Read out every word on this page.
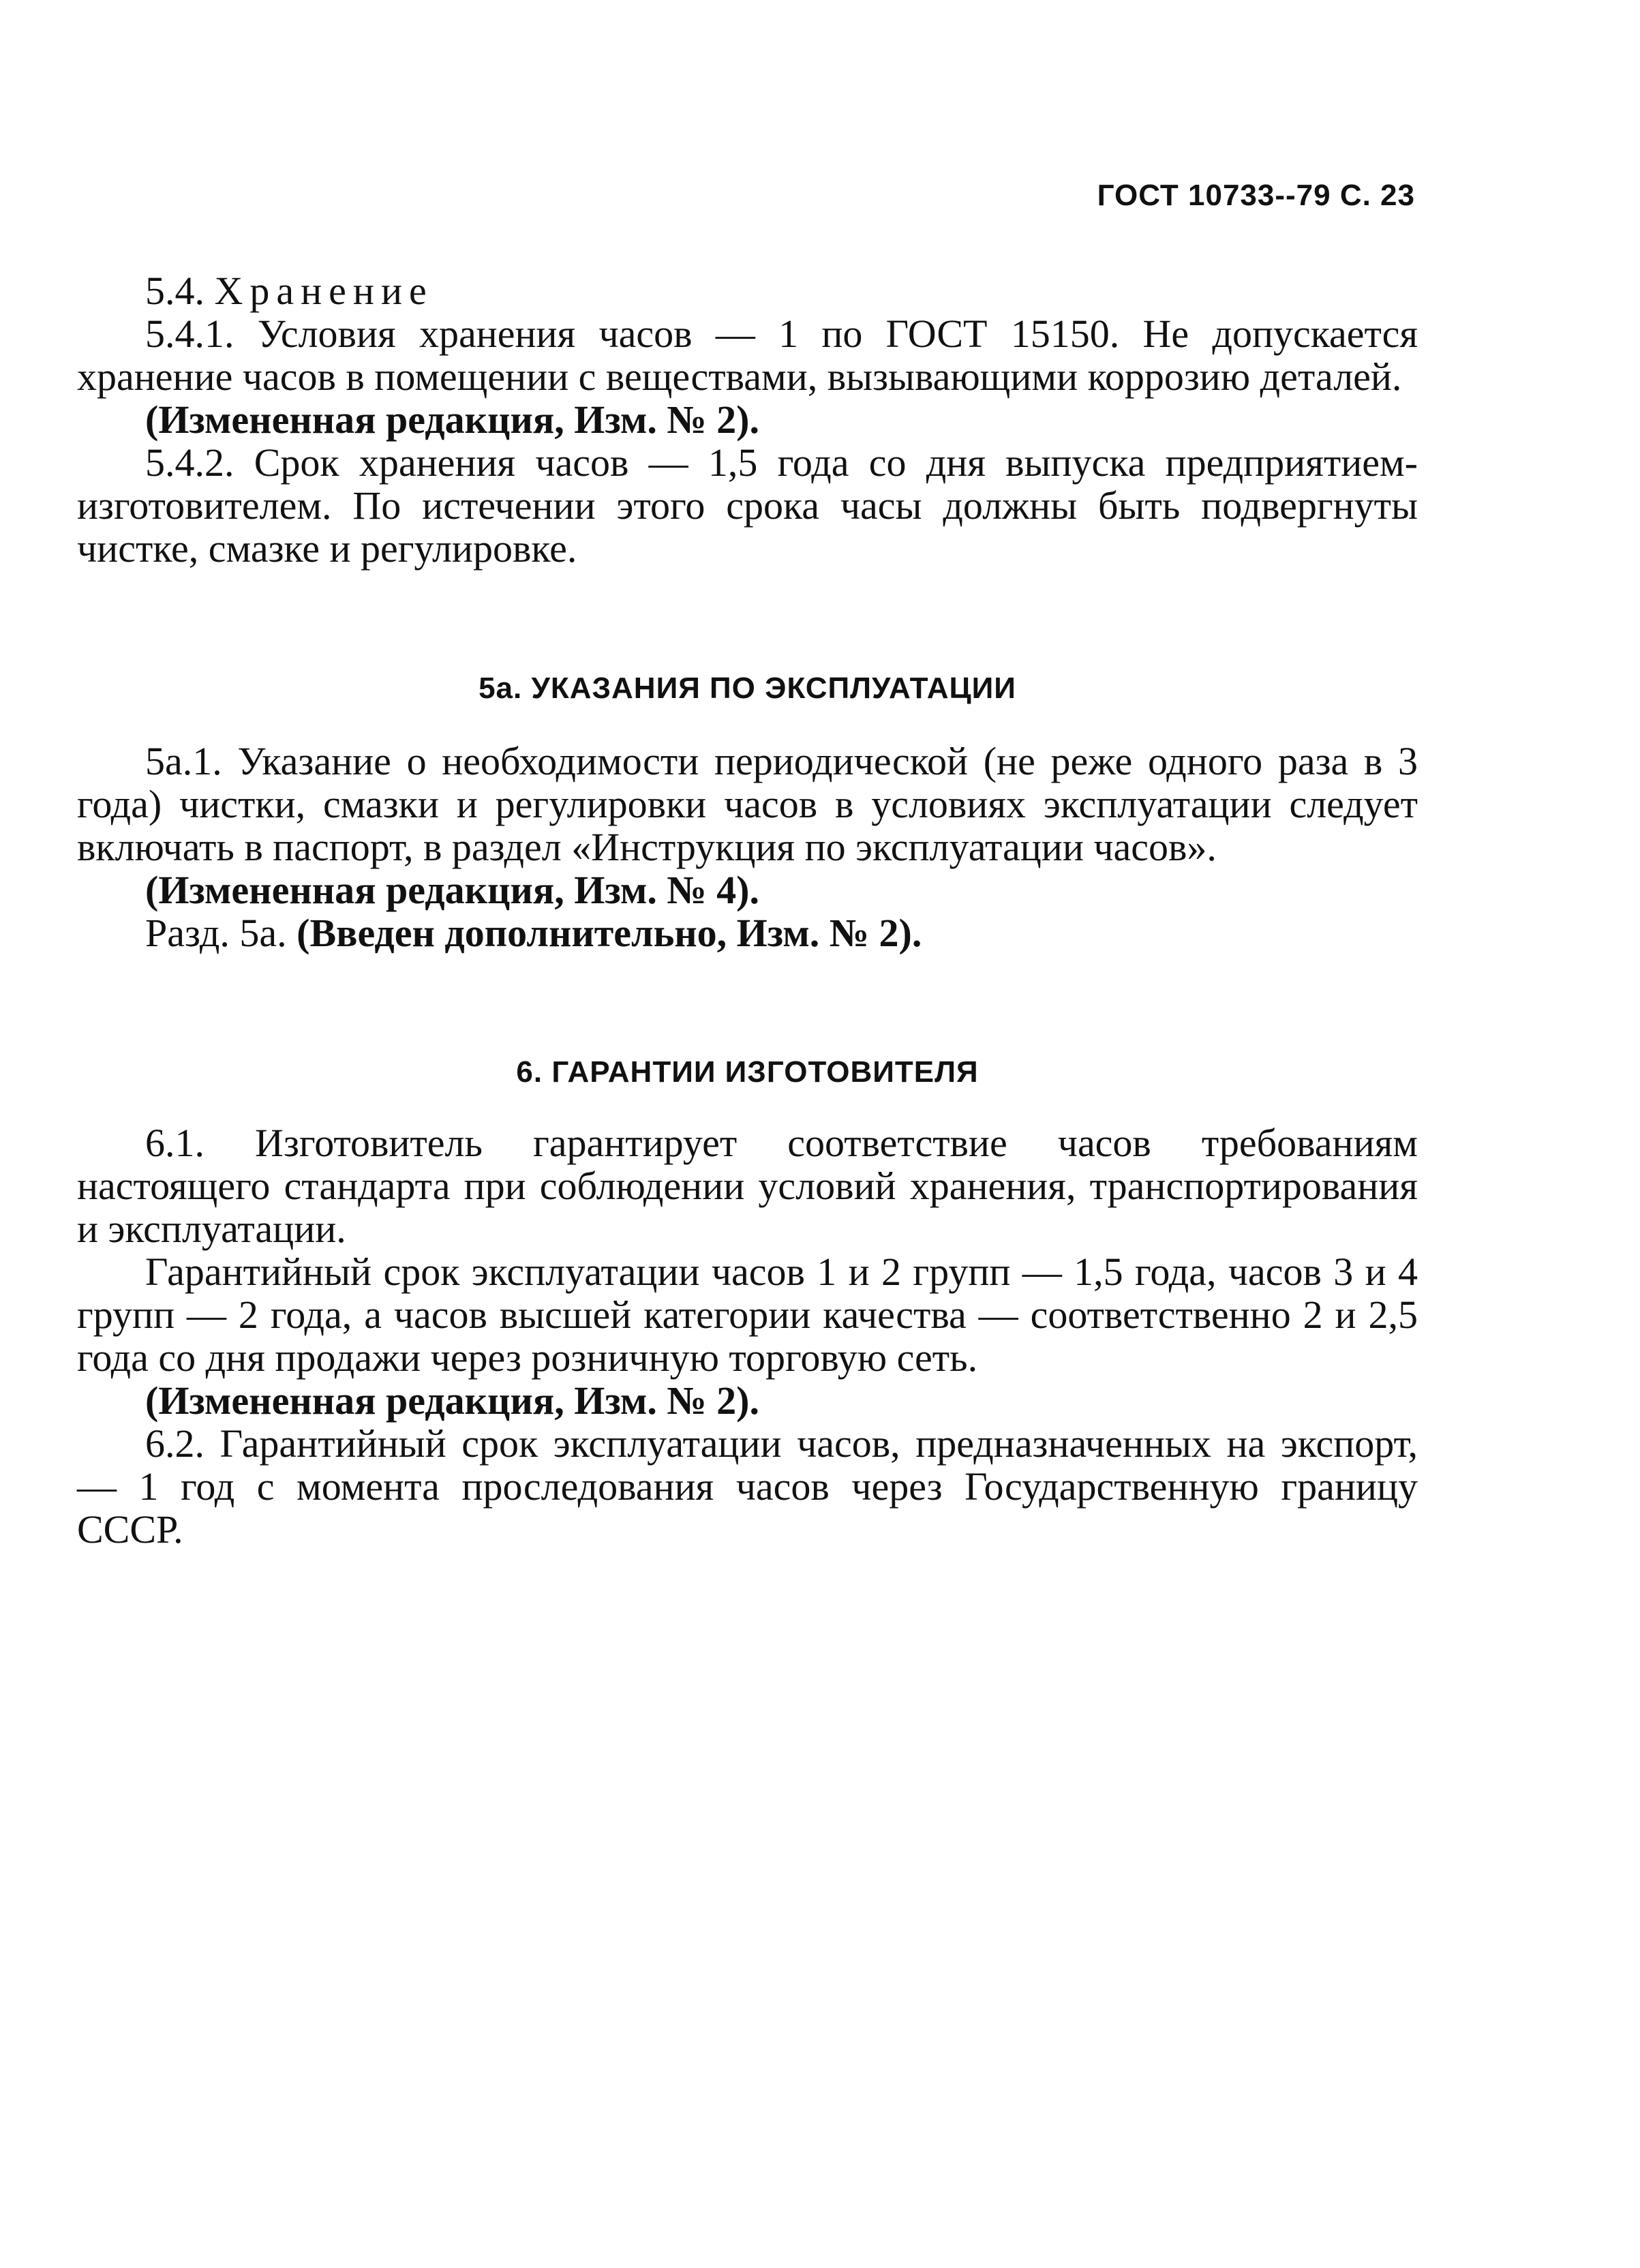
ГОСТ 10733--79 С. 23

5.4. Хранение

5.4.1. Условия хранения часов — 1 по ГОСТ 15150. Не допускается хранение часов в помещении с веществами, вызывающими коррозию деталей.

(Измененная редакция, Изм. № 2).

5.4.2. Срок хранения часов — 1,5 года со дня выпуска предприятием-изготовителем. По истечении этого срока часы должны быть подвергнуты чистке, смазке и регулировке.

5а. УКАЗАНИЯ ПО ЭКСПЛУАТАЦИИ

5а.1. Указание о необходимости периодической (не реже одного раза в 3 года) чистки, смазки и регулировки часов в условиях эксплуатации следует включать в паспорт, в раздел «Инструкция по эксплуатации часов».

(Измененная редакция, Изм. № 4).

Разд. 5а. (Введен дополнительно, Изм. № 2).

6. ГАРАНТИИ ИЗГОТОВИТЕЛЯ

6.1. Изготовитель гарантирует соответствие часов требованиям настоящего стандарта при соблюдении условий хранения, транспортирования и эксплуатации.

Гарантийный срок эксплуатации часов 1 и 2 групп — 1,5 года, часов 3 и 4 групп — 2 года, а часов высшей категории качества — соответственно 2 и 2,5 года со дня продажи через розничную торговую сеть.

(Измененная редакция, Изм. № 2).

6.2. Гарантийный срок эксплуатации часов, предназначенных на экспорт, — 1 год с момента проследования часов через Государственную границу СССР.
